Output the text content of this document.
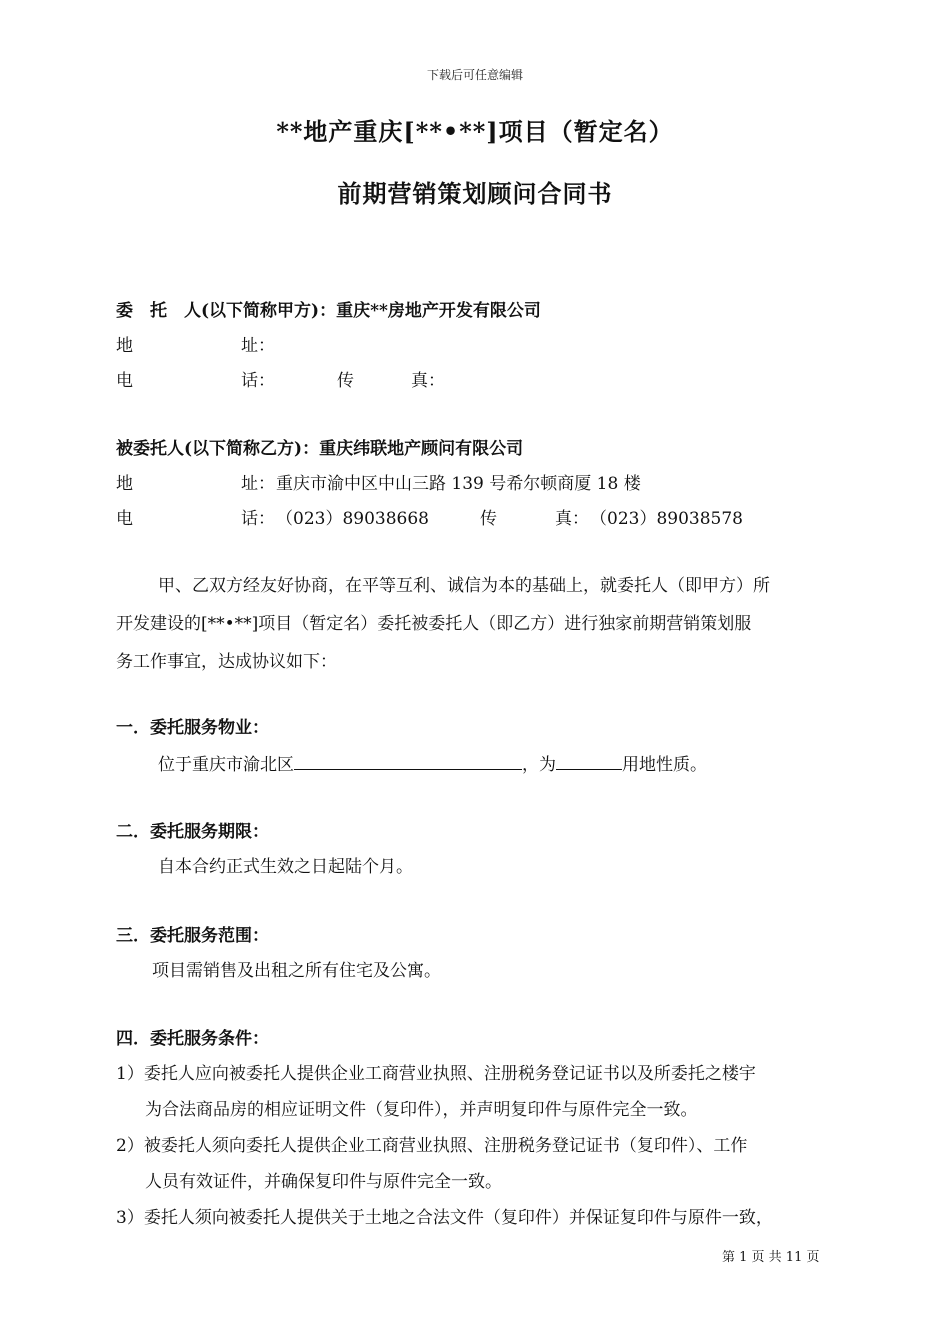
下载后可任意编辑
**地产重庆[**•**]项目（暂定名）
前期营销策划顾问合同书
委　托　人(以下简称甲方)：重庆**房地产开发有限公司
地	址：
电	话：	传	真：
被委托人(以下简称乙方)：重庆纬联地产顾问有限公司
地	址： 重庆市渝中区中山三路 139 号希尔顿商厦 18 楼
电	话： （023）89038668	传	真： （023）89038578
甲、乙双方经友好协商，在平等互利、诚信为本的基础上，就委托人（即甲方）所
开发建设的[**•**]项目（暂定名）委托被委托人（即乙方）进行独家前期营销策划服
务工作事宜，达成协议如下：
一．委托服务物业：
位于重庆市渝北区	，为	用地性质。
二．委托服务期限：
自本合约正式生效之日起陆个月。
三．委托服务范围：
项目需销售及出租之所有住宅及公寓。
四．委托服务条件：
1）委托人应向被委托人提供企业工商营业执照、注册税务登记证书以及所委托之楼宇
为合法商品房的相应证明文件（复印件），并声明复印件与原件完全一致。
2）被委托人须向委托人提供企业工商营业执照、注册税务登记证书（复印件）、工作
人员有效证件，并确保复印件与原件完全一致。
3）委托人须向被委托人提供关于土地之合法文件（复印件）并保证复印件与原件一致，
第 1 页 共 11 页
